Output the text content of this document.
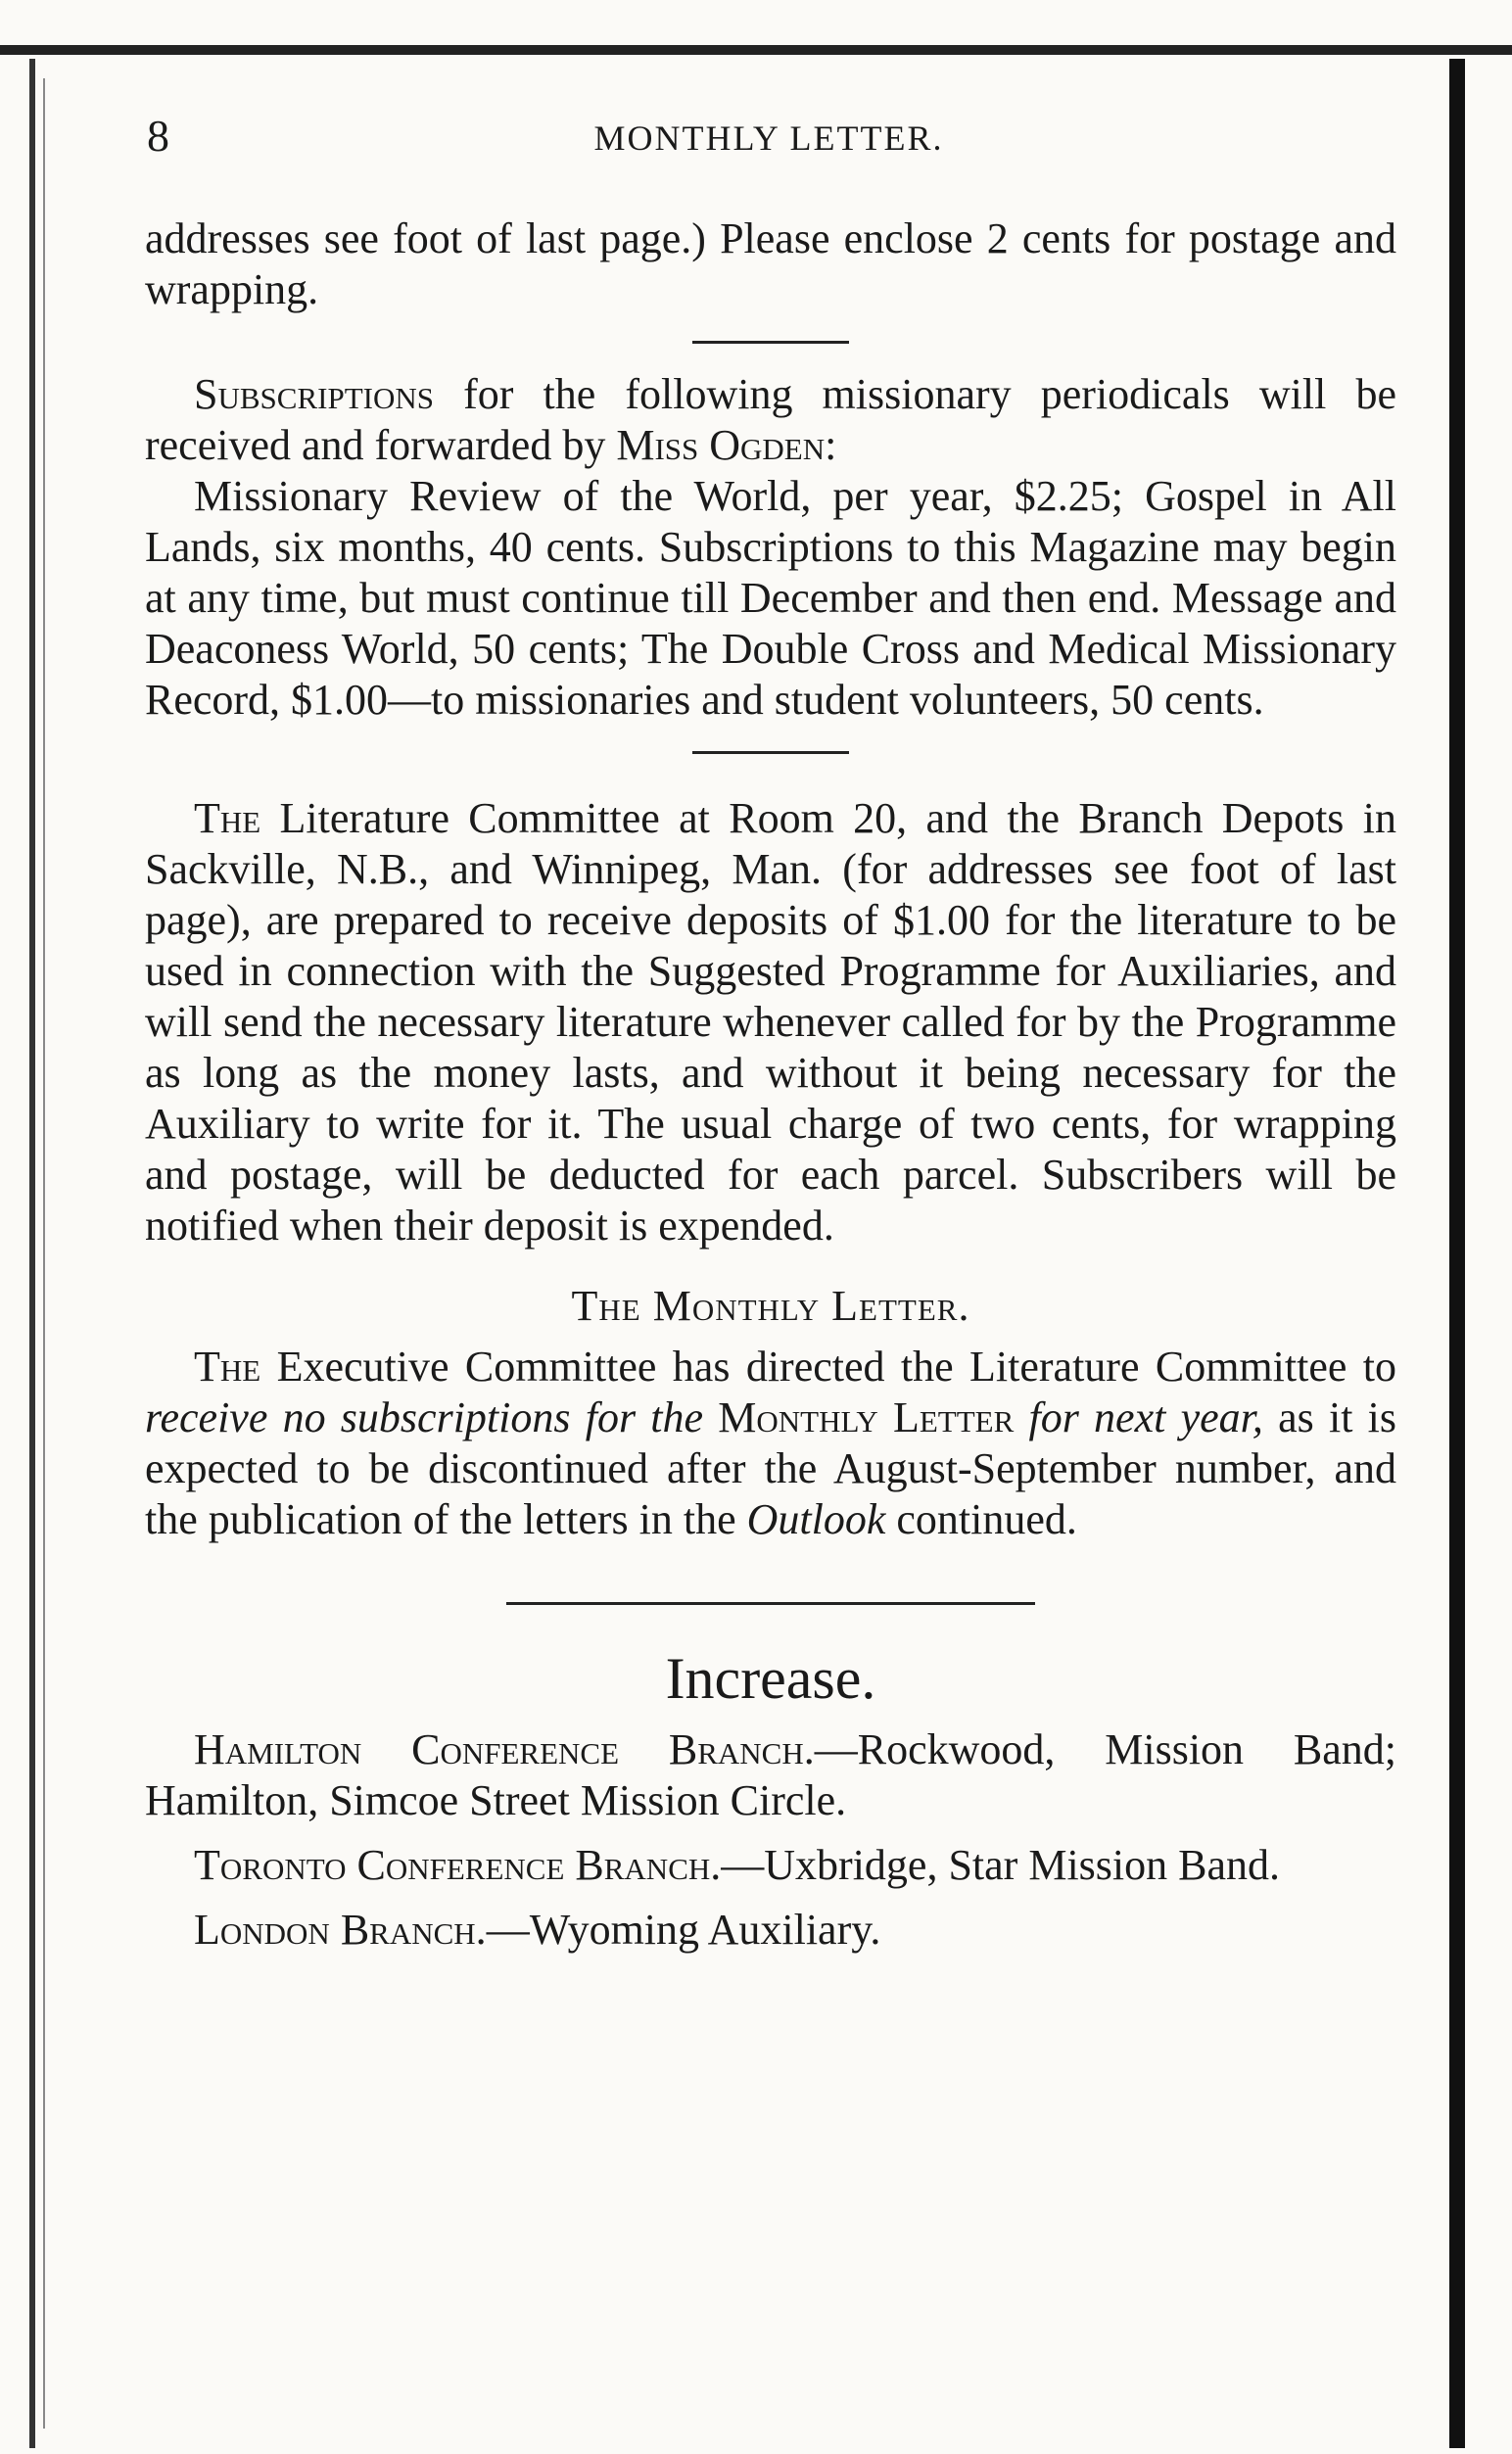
8	MONTHLY LETTER.

addresses see foot of last page.) Please enclose 2 cents for postage and wrapping.

Subscriptions for the following missionary periodicals will be received and forwarded by Miss Ogden:

Missionary Review of the World, per year, $2.25; Gospel in All Lands, six months, 40 cents. Subscriptions to this Magazine may begin at any time, but must continue till December and then end. Message and Deaconess World, 50 cents; The Double Cross and Medical Missionary Record, $1.00—to missionaries and student volunteers, 50 cents.

The Literature Committee at Room 20, and the Branch Depots in Sackville, N.B., and Winnipeg, Man. (for addresses see foot of last page), are prepared to receive deposits of $1.00 for the literature to be used in connection with the Suggested Programme for Auxiliaries, and will send the necessary literature whenever called for by the Programme as long as the money lasts, and without it being necessary for the Auxiliary to write for it. The usual charge of two cents, for wrapping and postage, will be deducted for each parcel. Subscribers will be notified when their deposit is expended.

The Monthly Letter.

The Executive Committee has directed the Literature Committee to receive no subscriptions for the Monthly Letter for next year, as it is expected to be discontinued after the August-September number, and the publication of the letters in the Outlook continued.

Increase.

Hamilton Conference Branch.—Rockwood, Mission Band; Hamilton, Simcoe Street Mission Circle.

Toronto Conference Branch.—Uxbridge, Star Mission Band.

London Branch.—Wyoming Auxiliary.
